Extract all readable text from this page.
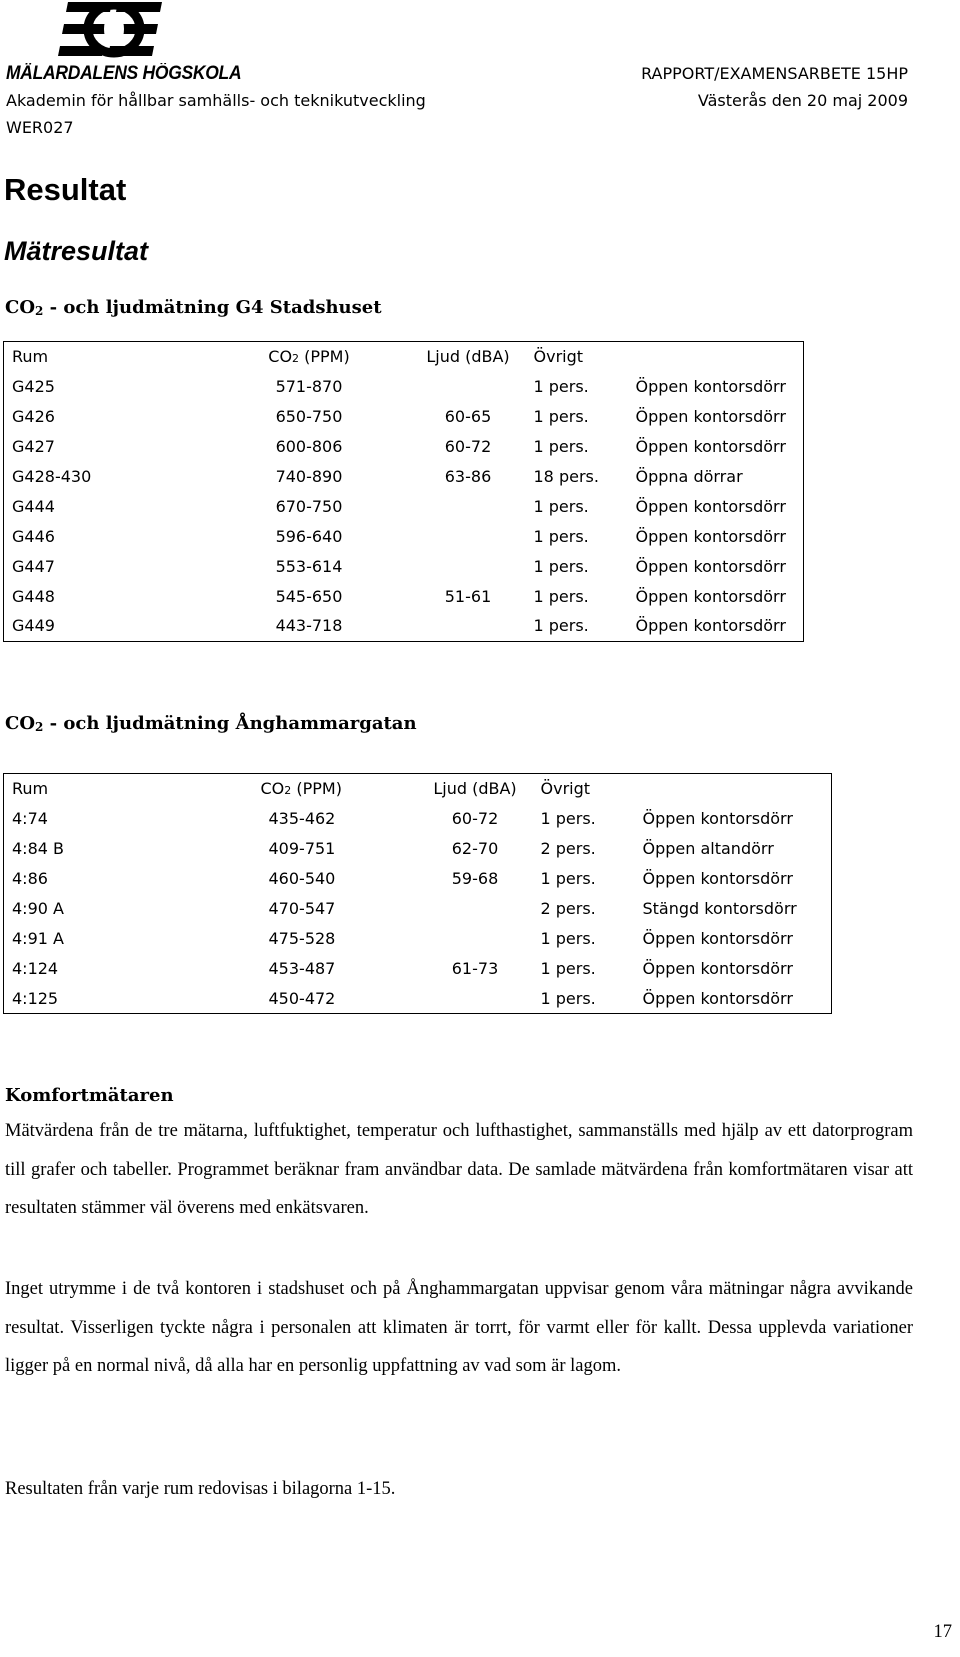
MÄLARDALENS HÖGSKOLA
Akademin för hållbar samhälls- och teknikutveckling
WER027
RAPPORT/EXAMENSARBETE 15HP
Västerås den 20 maj 2009
Resultat
Mätresultat
$CO_2$ - och ljudmätning G4 Stadshuset
Rum	CO2 (PPM)	Ljud (dBA)	Övrigt	
G425	571-870		1 pers.	Öppen kontorsdörr
G426	650-750	60-65	1 pers.	Öppen kontorsdörr
G427	600-806	60-72	1 pers.	Öppen kontorsdörr
G428-430	740-890	63-86	18 pers.	Öppna dörrar
G444	670-750		1 pers.	Öppen kontorsdörr
G446	596-640		1 pers.	Öppen kontorsdörr
G447	553-614		1 pers.	Öppen kontorsdörr
G448	545-650	51-61	1 pers.	Öppen kontorsdörr
G449	443-718		1 pers.	Öppen kontorsdörr
$CO_2$ - och ljudmätning Ånghammargatan
Rum	CO2 (PPM)	Ljud (dBA)	Övrigt	
4:74	435-462	60-72	1 pers.	Öppen kontorsdörr
4:84 B	409-751	62-70	2 pers.	Öppen altandörr
4:86	460-540	59-68	1 pers.	Öppen kontorsdörr
4:90 A	470-547		2 pers.	Stängd kontorsdörr
4:91 A	475-528		1 pers.	Öppen kontorsdörr
4:124	453-487	61-73	1 pers.	Öppen kontorsdörr
4:125	450-472		1 pers.	Öppen kontorsdörr
Komfortmätaren
Mätvärdena från de tre mätarna, luftfuktighet, temperatur och lufthastighet, sammanställs med hjälp av ett datorprogram till grafer och tabeller. Programmet beräknar fram användbar data. De samlade mätvärdena från komfortmätaren visar att resultaten stämmer väl överens med enkätsvaren.
Inget utrymme i de två kontoren i stadshuset och på Ånghammargatan uppvisar genom våra mätningar några avvikande resultat. Visserligen tyckte några i personalen att klimaten är torrt, för varmt eller för kallt. Dessa upplevda variationer ligger på en normal nivå, då alla har en personlig uppfattning av vad som är lagom.
Resultaten från varje rum redovisas i bilagorna 1-15.
17
